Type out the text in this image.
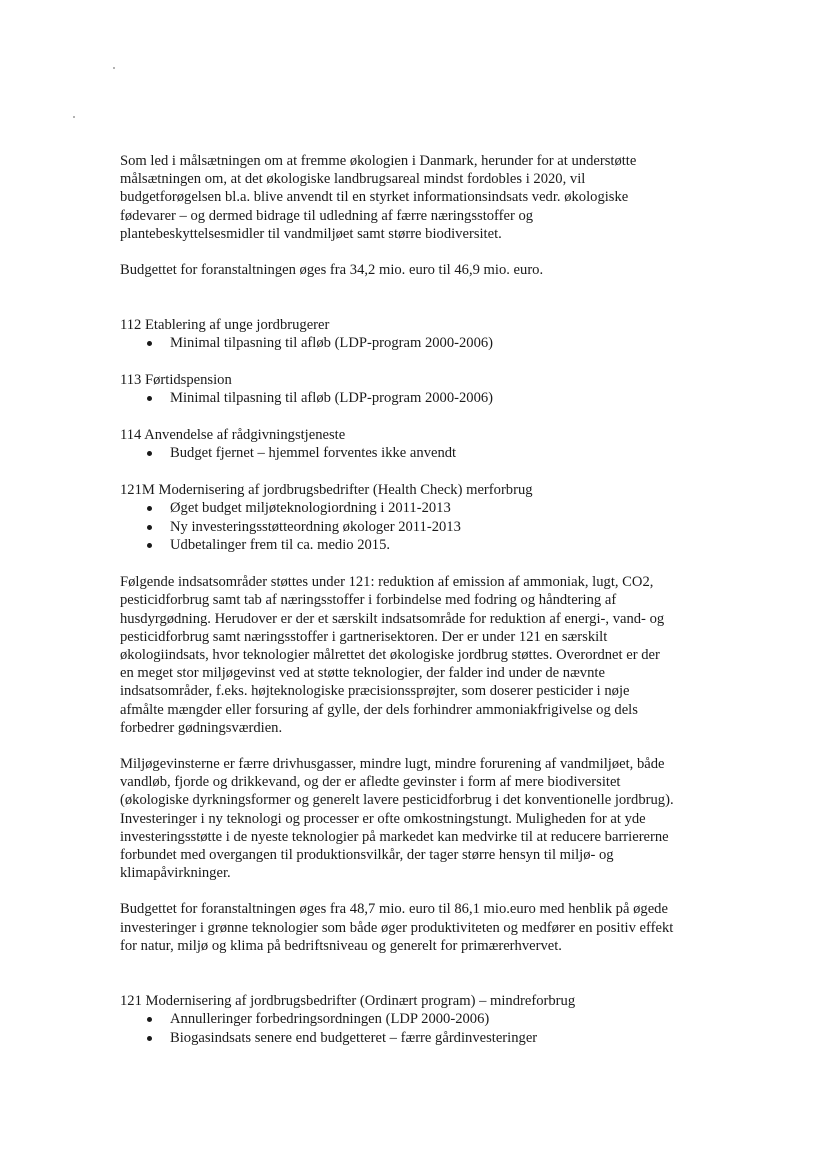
Som led i målsætningen om at fremme økologien i Danmark, herunder for at understøtte
målsætningen om, at det økologiske landbrugsareal mindst fordobles i 2020, vil
budgetforøgelsen bl.a. blive anvendt til en styrket informationsindsats vedr. økologiske
fødevarer – og dermed bidrage til udledning af færre næringsstoffer og
plantebeskyttelsesmidler til vandmiljøet samt større biodiversitet.
Budgettet for foranstaltningen øges fra 34,2 mio. euro til 46,9 mio. euro.
112 Etablering af unge jordbrugerer
Minimal tilpasning til afløb (LDP-program 2000-2006)
113 Førtidspension
Minimal tilpasning til afløb (LDP-program 2000-2006)
114 Anvendelse af rådgivningstjeneste
Budget fjernet – hjemmel forventes ikke anvendt
121M Modernisering af jordbrugsbedrifter (Health Check) merforbrug
Øget budget miljøteknologiordning i 2011-2013
Ny investeringsstøtteordning økologer 2011-2013
Udbetalinger frem til ca. medio 2015.
Følgende indsatsområder støttes under 121: reduktion af emission af ammoniak, lugt, CO2,
pesticidforbrug samt tab af næringsstoffer i forbindelse med fodring og håndtering af
husdyrgødning. Herudover er der et særskilt indsatsområde for reduktion af energi-, vand- og
pesticidforbrug samt næringsstoffer i gartnerisektoren. Der er under 121 en særskilt
økologiindsats, hvor teknologier målrettet det økologiske jordbrug støttes. Overordnet er der
en meget stor miljøgevinst ved at støtte teknologier, der falder ind under de nævnte
indsatsområder, f.eks. højteknologiske præcisionssprøjter, som doserer pesticider i nøje
afmålte mængder eller forsuring af gylle, der dels forhindrer ammoniakfrigivelse og dels
forbedrer gødningsværdien.
Miljøgevinsterne er færre drivhusgasser, mindre lugt, mindre forurening af vandmiljøet, både
vandløb, fjorde og drikkevand, og der er afledte gevinster i form af mere biodiversitet
(økologiske dyrkningsformer og generelt lavere pesticidforbrug i det konventionelle jordbrug).
Investeringer i ny teknologi og processer er ofte omkostningstungt. Muligheden for at yde
investeringsstøtte i de nyeste teknologier på markedet kan medvirke til at reducere barriererne
forbundet med overgangen til produktionsvilkår, der tager større hensyn til miljø- og
klimapåvirkninger.
Budgettet for foranstaltningen øges fra 48,7 mio. euro til 86,1 mio.euro med henblik på øgede
investeringer i grønne teknologier som både øger produktiviteten og medfører en positiv effekt
for natur, miljø og klima på bedriftsniveau og generelt for primærerhvervet.
121 Modernisering af jordbrugsbedrifter (Ordinært program) – mindreforbrug
Annulleringer forbedringsordningen (LDP 2000-2006)
Biogasindsats senere end budgetteret – færre gårdinvesteringer
